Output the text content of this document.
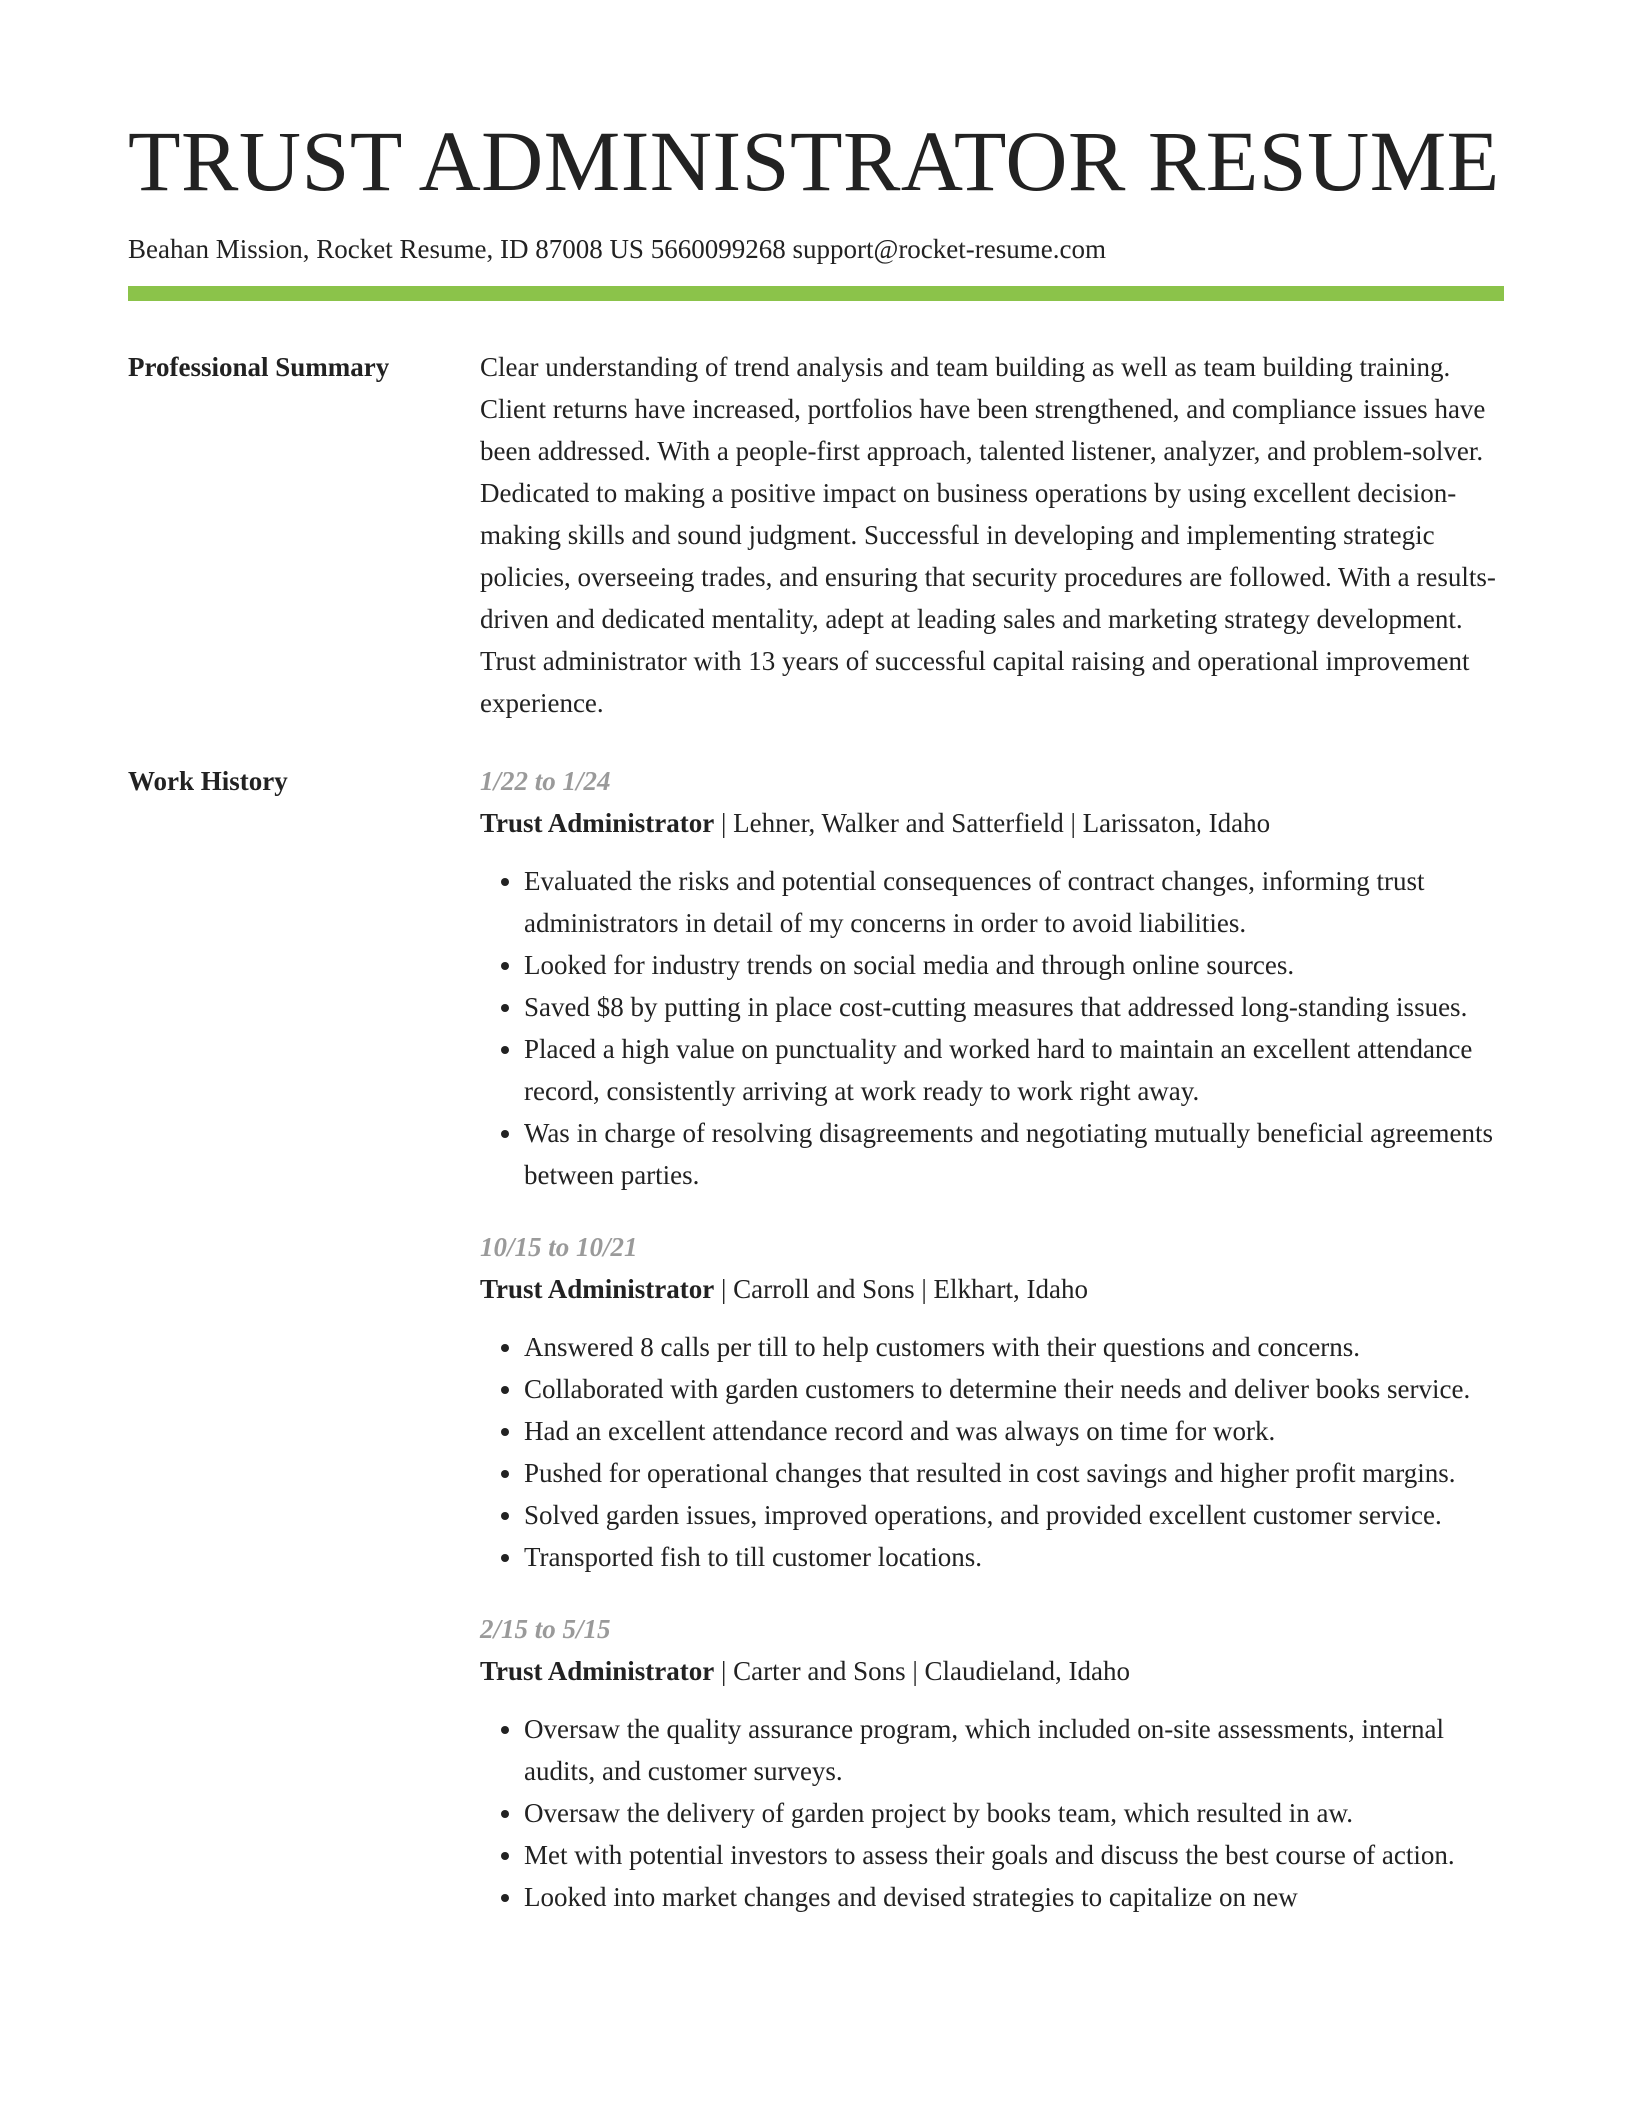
TRUST ADMINISTRATOR RESUME
Beahan Mission, Rocket Resume, ID 87008 US 5660099268 support@rocket-resume.com
Professional Summary	Clear understanding of trend analysis and team building as well as team building training. Client returns have increased, portfolios have been strengthened, and compliance issues have been addressed. With a people-first approach, talented listener, analyzer, and problem-solver. Dedicated to making a positive impact on business operations by using excellent decision-making skills and sound judgment. Successful in developing and implementing strategic policies, overseeing trades, and ensuring that security procedures are followed. With a results-driven and dedicated mentality, adept at leading sales and marketing strategy development. Trust administrator with 13 years of successful capital raising and operational improvement experience.

Work History	1/22 to 1/24
Trust Administrator | Lehner, Walker and Satterfield | Larissaton, Idaho
• Evaluated the risks and potential consequences of contract changes, informing trust administrators in detail of my concerns in order to avoid liabilities.
• Looked for industry trends on social media and through online sources.
• Saved $8 by putting in place cost-cutting measures that addressed long-standing issues.
• Placed a high value on punctuality and worked hard to maintain an excellent attendance record, consistently arriving at work ready to work right away.
• Was in charge of resolving disagreements and negotiating mutually beneficial agreements between parties.
10/15 to 10/21
Trust Administrator | Carroll and Sons | Elkhart, Idaho
• Answered 8 calls per till to help customers with their questions and concerns.
• Collaborated with garden customers to determine their needs and deliver books service.
• Had an excellent attendance record and was always on time for work.
• Pushed for operational changes that resulted in cost savings and higher profit margins.
• Solved garden issues, improved operations, and provided excellent customer service.
• Transported fish to till customer locations.
2/15 to 5/15
Trust Administrator | Carter and Sons | Claudieland, Idaho
• Oversaw the quality assurance program, which included on-site assessments, internal audits, and customer surveys.
• Oversaw the delivery of garden project by books team, which resulted in aw.
• Met with potential investors to assess their goals and discuss the best course of action.
• Looked into market changes and devised strategies to capitalize on new
